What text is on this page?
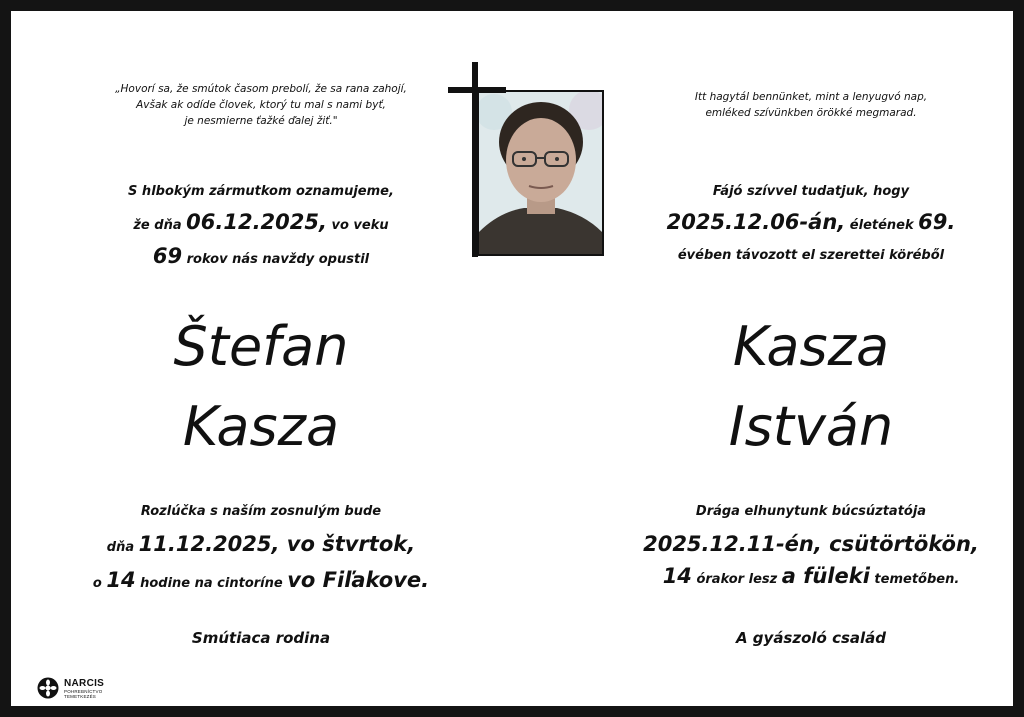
„Hovorí sa, že smútok časom prebolí, že sa rana zahojí,
Avšak ak odíde človek, ktorý tu mal s nami byť,
je nesmierne ťažké ďalej žiť."
S hlbokým zármutkom oznamujeme,
že dňa 06.12.2025, vo veku
69 rokov nás navždy opustil
Štefan
Kasza
Rozlúčka s naším zosnulým bude
dňa 11.12.2025, vo štvrtok,
o 14 hodine na cintoríne vo Fiľakove.
Smútiaca rodina
Itt hagytál bennünket, mint a lenyugvó nap,
emléked szívünkben örökké megmarad.
Fájó szívvel tudatjuk, hogy
2025.12.06-án, életének 69.
évében távozott el szerettei köréből
Kasza
István
Drága elhunytunk búcsúztatója
2025.12.11-én, csütörtökön,
14 órakor lesz a füleki temetőben.
A gyászoló család
NARCIS
POHREBNÍCTVO
TEMETKEZÉS
